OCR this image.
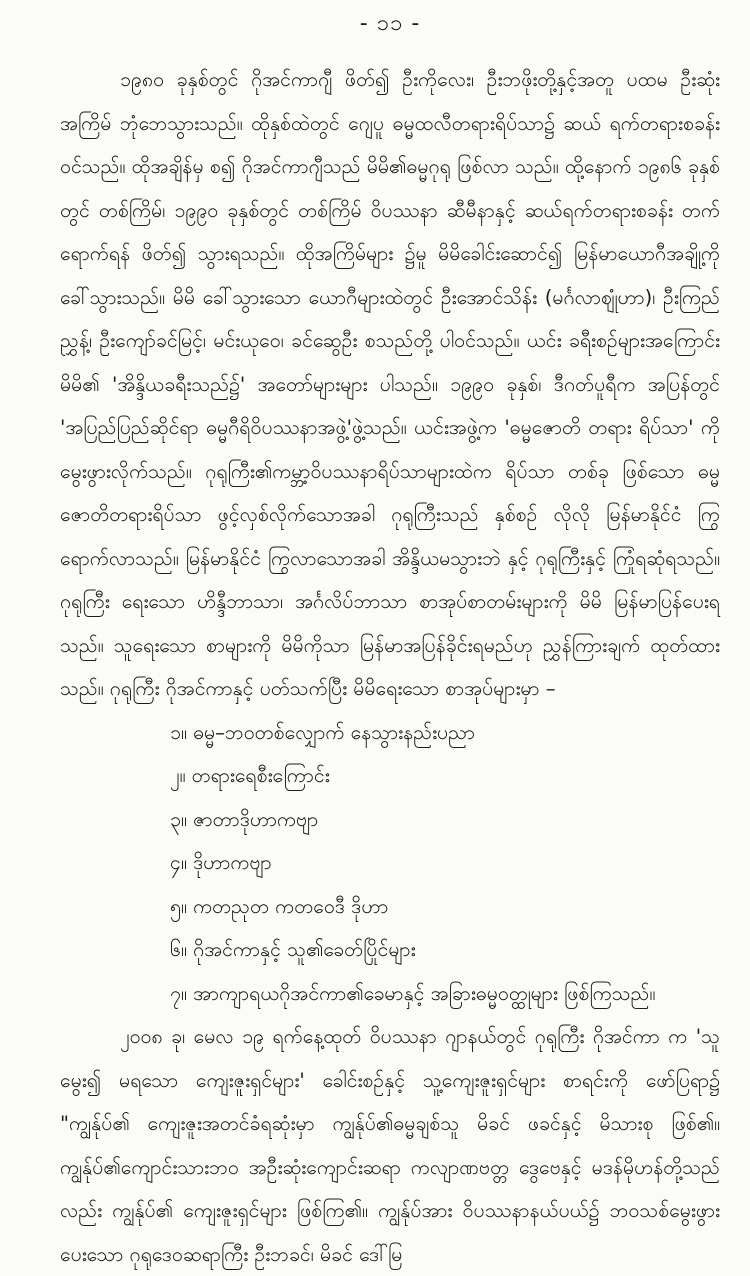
- ၁၁ -

၁၉၈၀ ခုနှစ်တွင် ဂိုအင်ကာဂျီ ဖိတ်၍ ဦးကိုလေး၊ ဦးဘဖိုးတို့နှင့်အတူ ပထမ ဦးဆုံးအကြိမ် ဘုံဘေသွားသည်။ ထိုနှစ်ထဲတွင် ဂျေပူ ဓမ္မထလီတရားရိပ်သာ၌ ဆယ် ရက်တရားစခန်း ဝင်သည်။ ထိုအချိန်မှ စ၍ ဂိုအင်ကာဂျီသည် မိမိ၏ဓမ္မဂုရု ဖြစ်လာ သည်။ ထို့နောက် ၁၉၈၆ ခုနှစ်တွင် တစ်ကြိမ်၊ ၁၉၉၀ ခုနှစ်တွင် တစ်ကြိမ် ဝိပဿနာ ဆီမီနာနှင့် ဆယ်ရက်တရားစခန်း တက်ရောက်ရန် ဖိတ်၍ သွားရသည်။ ထိုအကြိမ်များ ၌မူ မိမိခေါင်းဆောင်၍ မြန်မာယောဂီအချို့ကို ခေါ်သွားသည်။ မိမိ ခေါ်သွားသော ယောဂီများထဲတွင် ဦးအောင်သိန်း (မင်္ဂလာဈုံဟာ)၊ ဦးကြည်ညွှန့်၊ ဦးကျော်ခင်မြင့်၊ မင်းယုဝေ၊ ခင်ဆွေဦး စသည်တို့ ပါဝင်သည်။ ယင်း ခရီးစဉ်များအကြောင်း မိမိ၏ 'အိန္ဒိယခရီးသည်၌' အတော်များများ ပါသည်။ ၁၉၉၀ ခုနှစ်၊ ဒီဂတ်ပူရီက အပြန်တွင် 'အပြည်ပြည်ဆိုင်ရာ ဓမ္မဂီရိဝိပဿနာအဖွဲ့'ဖွဲ့သည်။ ယင်းအဖွဲ့က 'ဓမ္မဇောတိ တရား ရိပ်သာ' ကို မွေးဖွားလိုက်သည်။ ဂုရုကြီး၏ကမ္ဘာ့ဝိပဿနာရိပ်သာများထဲက ရိပ်သာ တစ်ခု ဖြစ်သော ဓမ္မဇောတိတရားရိပ်သာ ဖွင့်လှစ်လိုက်သောအခါ ဂုရုကြီးသည် နှစ်စဉ် လိုလို မြန်မာနိုင်ငံ ကြွရောက်လာသည်။ မြန်မာနိုင်ငံ ကြွလာသောအခါ အိန္ဒိယမသွားဘဲ နှင့် ဂုရုကြီးနှင့် ကြုံရဆုံရသည်။ ဂုရုကြီး ရေးသော ဟိန္ဒီဘာသာ၊ အင်္ဂလိပ်ဘာသာ စာအုပ်စာတမ်းများကို မိမိ မြန်မာပြန်ပေးရသည်။ သူရေးသော စာများကို မိမိကိုသာ မြန်မာအပြန်ခိုင်းရမည်ဟု ညွှန်ကြားချက် ထုတ်ထားသည်။ ဂုရုကြီး ဂိုအင်ကာနှင့် ပတ်သက်ပြီး မိမိရေးသော စာအုပ်များမှာ –

၁။ ဓမ္မ–ဘဝတစ်လျှောက် နေသွားနည်းပညာ
၂။ တရားရေစီးကြောင်း
၃။ ဇာတာဒိုဟာကဗျာ
၄။ ဒိုဟာကဗျာ
၅။ ကတညုတ ကတဝေဒီ ဒိုဟာ
၆။ ဂိုအင်ကာနှင့် သူ၏ခေတ်ပြိုင်များ
၇။ အာကျာရယဂိုအင်ကာ၏ခေမာနှင့် အခြားဓမ္မဝတ္ထုများ ဖြစ်ကြသည်။

၂၀၀၈ ခု၊ မေလ ၁၉ ရက်နေ့ထုတ် ဝိပဿနာ ဂျာနယ်တွင် ဂုရုကြီး ဂိုအင်ကာ က 'သူ မွေး၍ မရသော ကျေးဇူးရှင်များ' ခေါင်းစဉ်နှင့် သူ့ကျေးဇူးရှင်များ စာရင်းကို ဖော်ပြရာ၌ "ကျွန်ုပ်၏ ကျေးဇူးအတင်ခံရဆုံးမှာ ကျွန်ုပ်၏ဓမ္မချစ်သူ မိခင် ဖခင်နှင့် မိသားစု ဖြစ်၏။ ကျွန်ုပ်၏ကျောင်းသားဘဝ အဦးဆုံးကျောင်းဆရာ ကလျာဏဗတ္တ ဒွေဗေနှင့် မဒန်မိုဟန်တို့သည်လည်း ကျွန်ုပ်၏ ကျေးဇူးရှင်များ ဖြစ်ကြ၏။ ကျွန်ုပ်အား ဝိပဿနာနယ်ပယ်၌ ဘဝသစ်မွေးဖွားပေးသော ဂုရုဒေဝဆရာကြီး ဦးဘခင်၊ မိခင် ဒေါ်မြ
